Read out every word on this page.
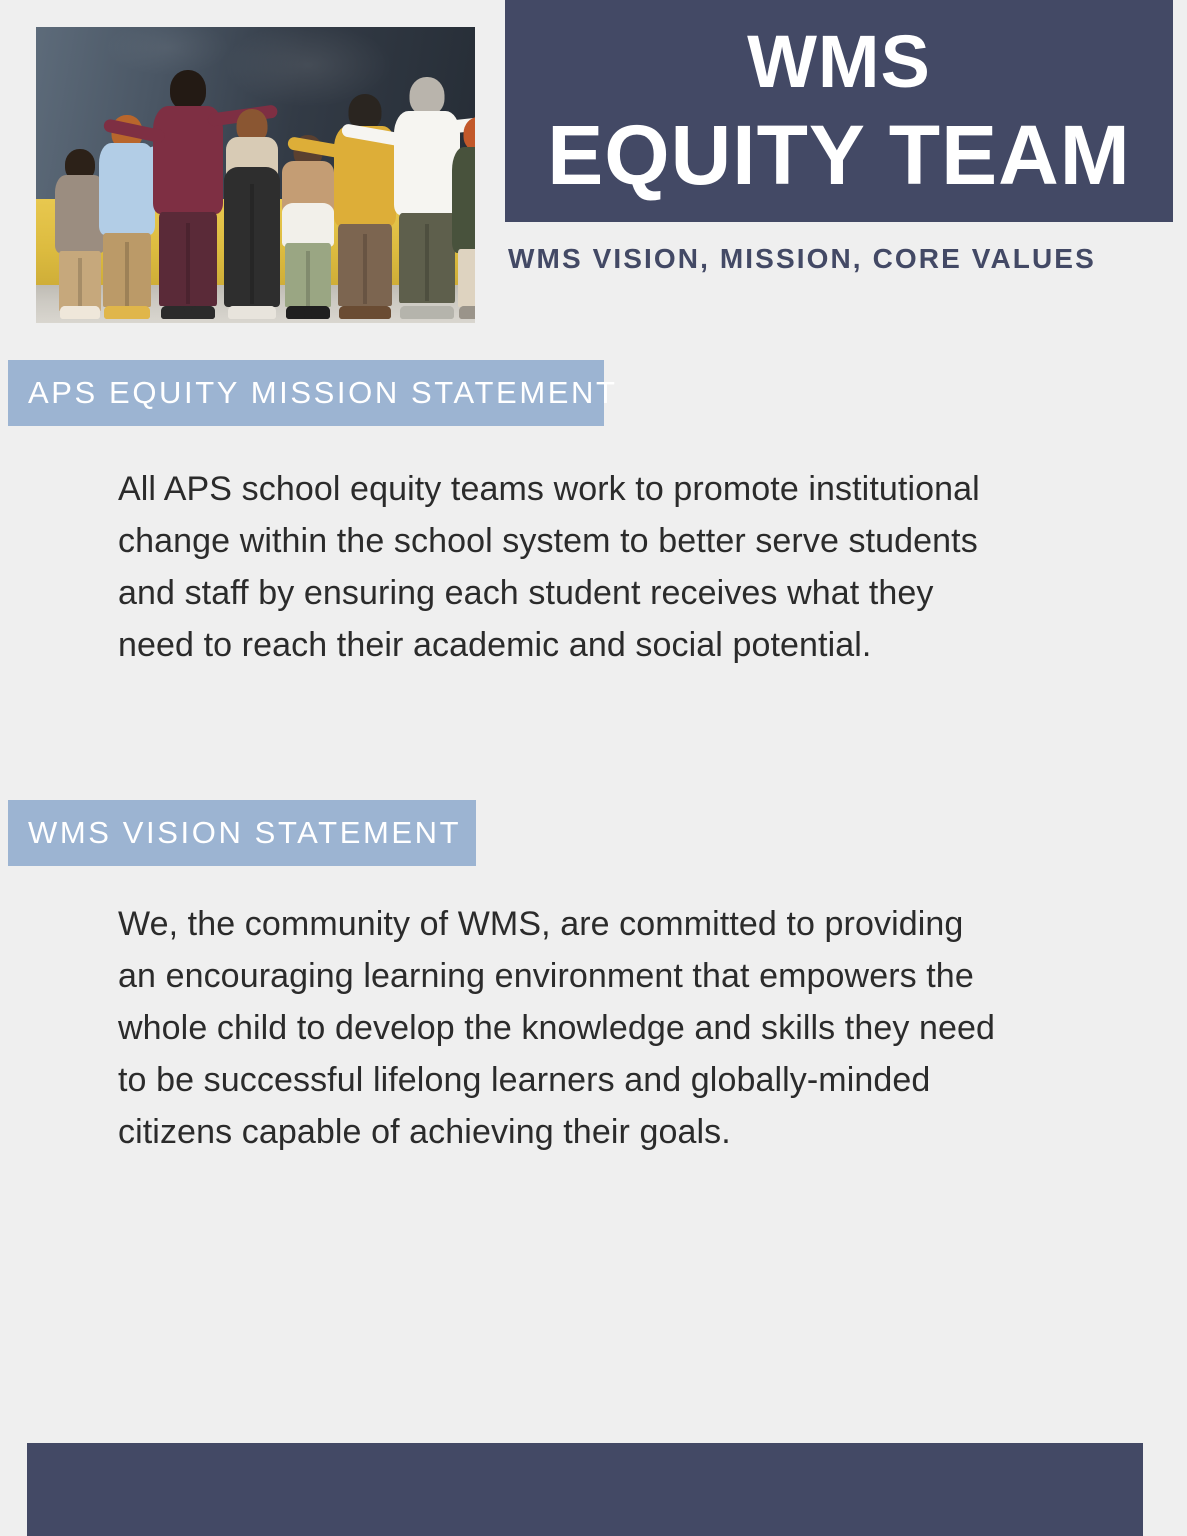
WMS
EQUITY TEAM
WMS VISION, MISSION, CORE VALUES
APS EQUITY MISSION STATEMENT
All APS school equity teams work to promote institutional change within the school system to better serve students and staff by ensuring each student receives what they need to reach their academic and social potential.
WMS VISION STATEMENT
We, the community of WMS, are committed to providing an encouraging learning environment that empowers the whole child to develop the knowledge and skills they need to be successful lifelong learners and globally-minded citizens capable of achieving their goals.
